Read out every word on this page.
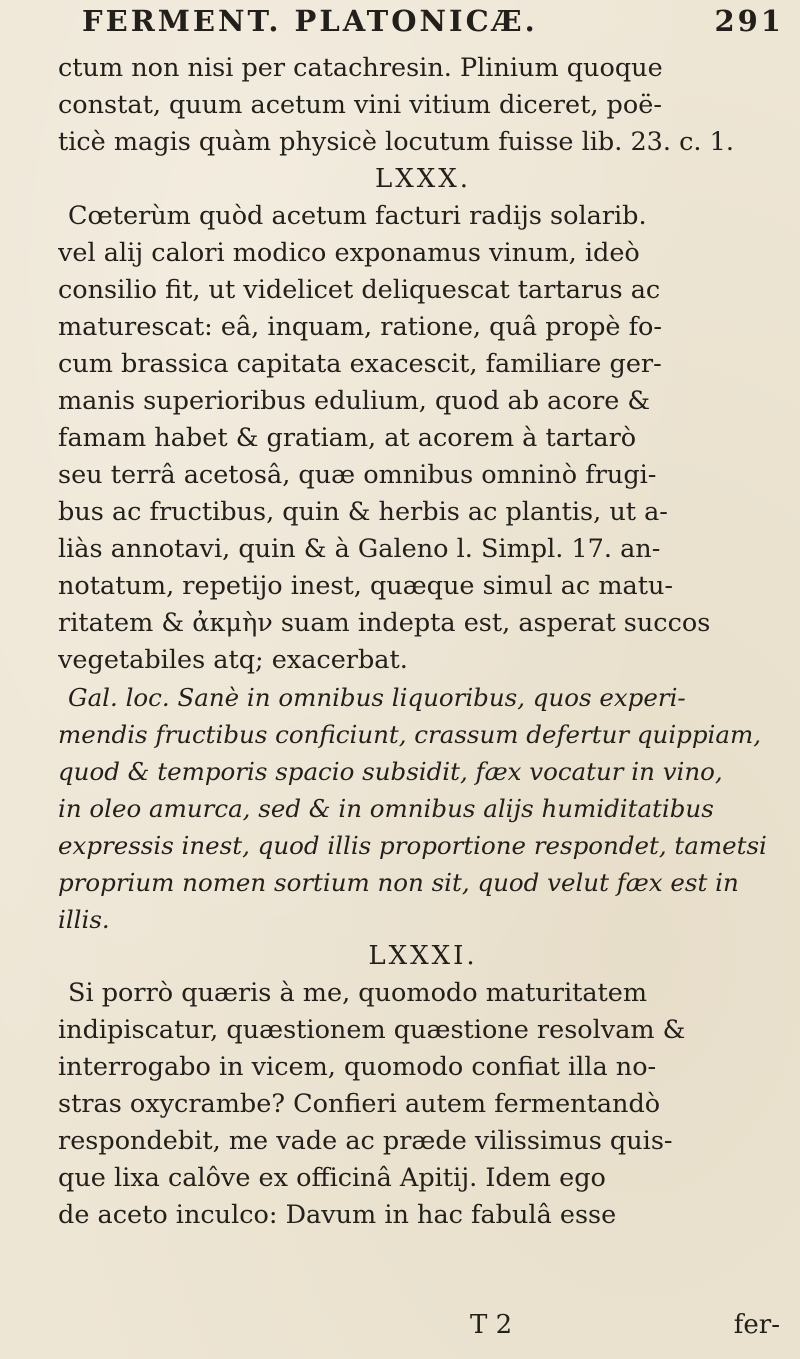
FERMENT. PLATONICÆ.	291
ctum non nisi per catachresin. Plinium quoque
constat, quum acetum vini vitium diceret, poë-
ticè magis quàm physicè locutum fuisse lib. 23. c. 1.
LXXX.
Cœterùm quòd acetum facturi radijs solarib.
vel alij calori modico exponamus vinum, ideò
consilio fit, ut videlicet deliquescat tartarus ac
maturescat: eâ, inquam, ratione, quâ propè fo-
cum brassica capitata exacescit, familiare ger-
manis superioribus edulium, quod ab acore &
famam habet & gratiam, at acorem à tartarò
seu terrâ acetosâ, quæ omnibus omninò frugi-
bus ac fructibus, quin & herbis ac plantis, ut a-
liàs annotavi, quin & à Galeno l. Simpl. 17. an-
notatum, repetijo inest, quæque simul ac matu-
ritatem & ἀκμὴν suam indepta est, asperat succos
vegetabiles atq; exacerbat.
Gal. loc. Sanè in omnibus liquoribus, quos experi-
mendis fructibus conficiunt, crassum defertur quippiam,
quod & temporis spacio subsidit, fæx vocatur in vino,
in oleo amurca, sed & in omnibus alijs humiditatibus
expressis inest, quod illis proportione respondet, tametsi
proprium nomen sortium non sit, quod velut fæx est in
illis.
LXXXI.
Si porrò quæris à me, quomodo maturitatem
indipiscatur, quæstionem quæstione resolvam &
interrogabo in vicem, quomodo confiat illa no-
stras oxycrambe? Confieri autem fermentandò
respondebit, me vade ac præde vilissimus quis-
que lixa calôve ex officinâ Apitij. Idem ego
de aceto inculco: Davum in hac fabulâ esse
T 2	fer-
